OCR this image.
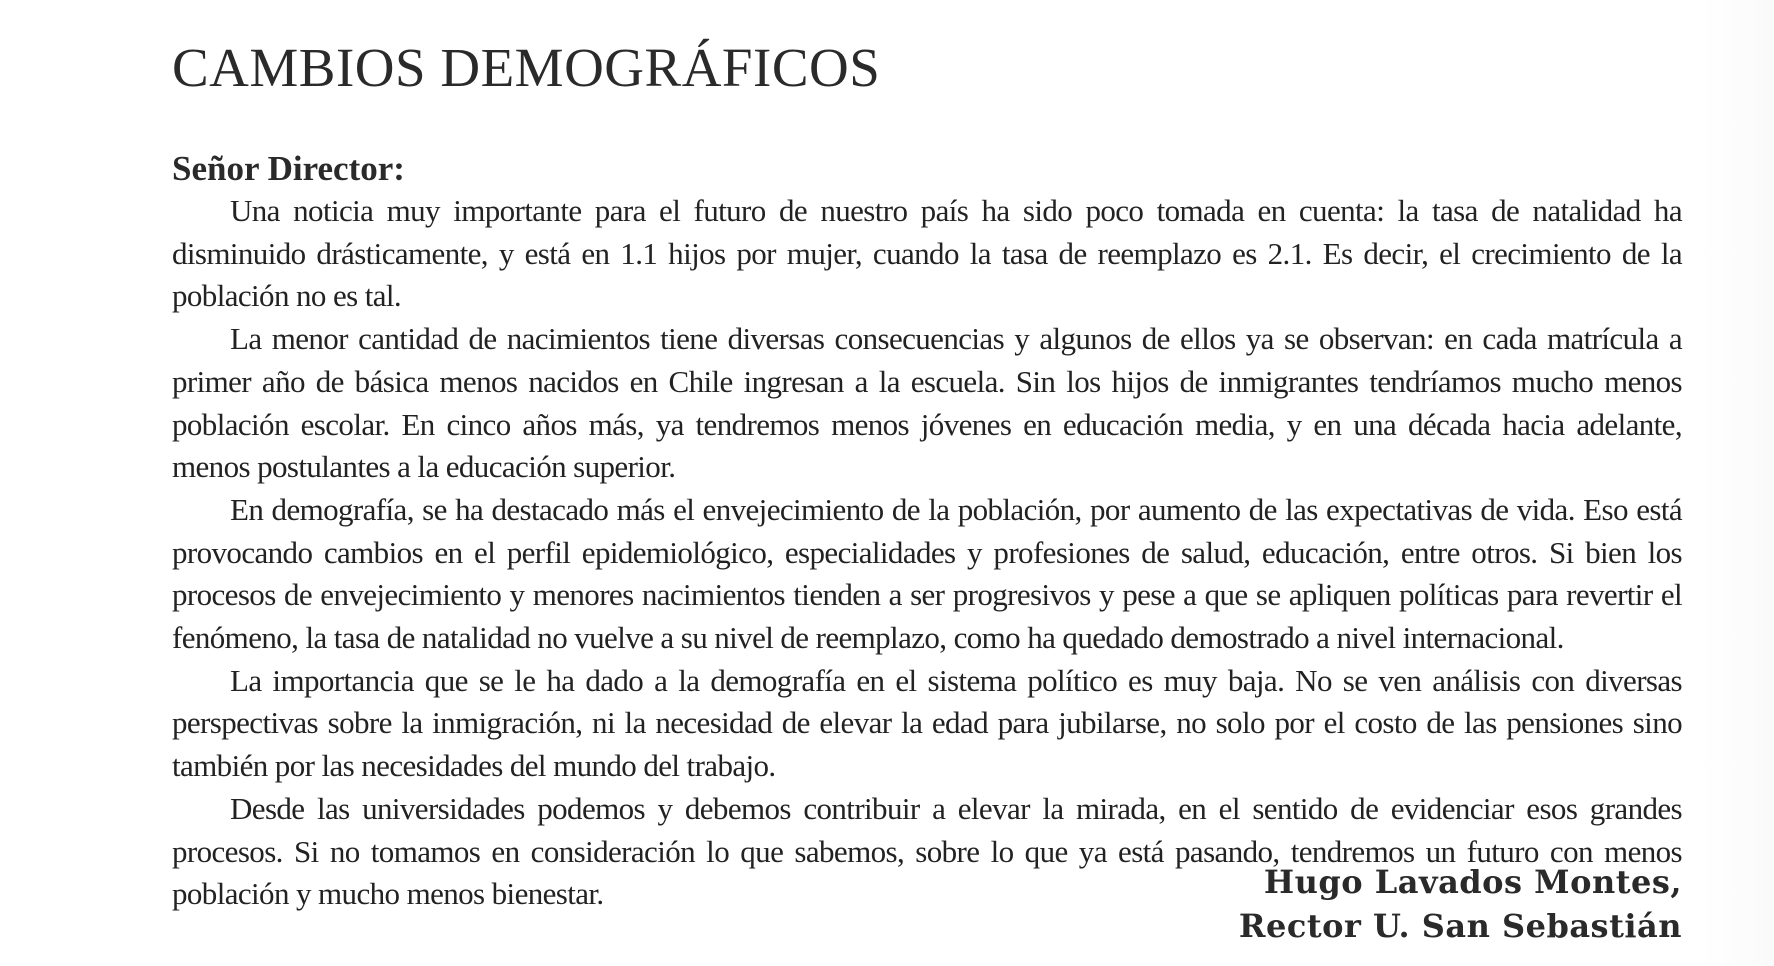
CAMBIOS DEMOGRÁFICOS
Señor Director:

Una noticia muy importante para el futuro de nuestro país ha sido poco tomada en cuenta: la tasa de natalidad ha disminuido drásticamente, y está en 1.1 hijos por mujer, cuando la tasa de reemplazo es 2.1. Es decir, el crecimiento de la población no es tal.

La menor cantidad de nacimientos tiene diversas consecuencias y algunos de ellos ya se observan: en cada matrícula a primer año de básica menos nacidos en Chile ingresan a la escuela. Sin los hijos de inmigrantes tendríamos mucho menos población escolar. En cinco años más, ya tendremos menos jóvenes en educación media, y en una década hacia adelante, menos postulantes a la educación superior.

En demografía, se ha destacado más el envejecimiento de la población, por aumento de las expectativas de vida. Eso está provocando cambios en el perfil epidemiológico, especialidades y profesiones de salud, educación, entre otros. Si bien los procesos de envejecimiento y menores nacimientos tienden a ser progresivos y pese a que se apliquen políticas para revertir el fenómeno, la tasa de natalidad no vuelve a su nivel de reemplazo, como ha quedado demostrado a nivel internacional.

La importancia que se le ha dado a la demografía en el sistema político es muy baja. No se ven análisis con diversas perspectivas sobre la inmigración, ni la necesidad de elevar la edad para jubilarse, no solo por el costo de las pensiones sino también por las necesidades del mundo del trabajo.

Desde las universidades podemos y debemos contribuir a elevar la mirada, en el sentido de evidenciar esos grandes procesos. Si no tomamos en consideración lo que sabemos, sobre lo que ya está pasando, tendremos un futuro con menos población y mucho menos bienestar.	Hugo Lavados Montes,
Rector U. San Sebastián
